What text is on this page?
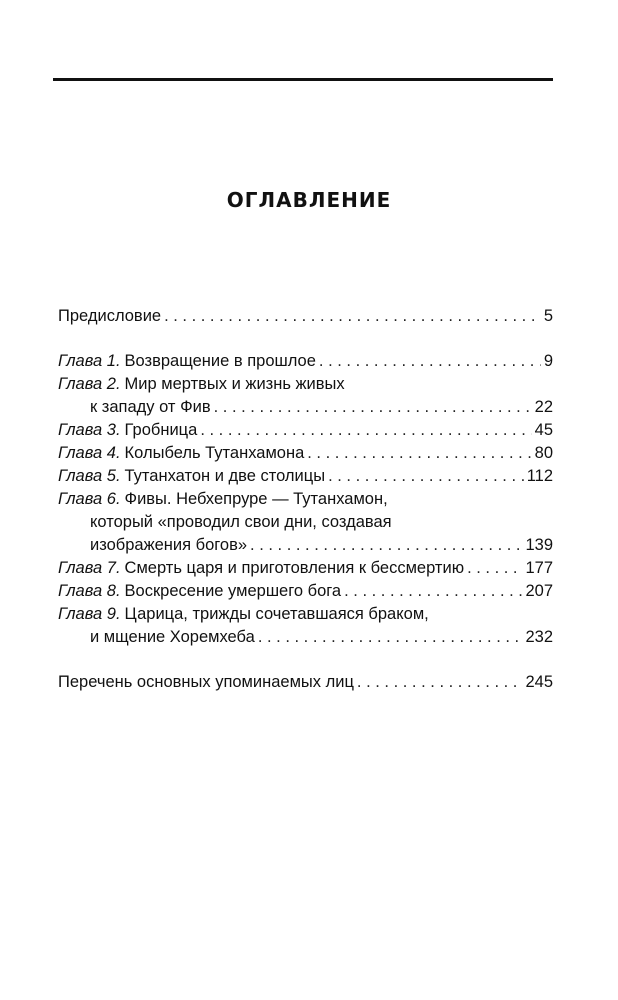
ОГЛАВЛЕНИЕ
Предисловие . . .	5
Глава 1. Возвращение в прошлое . . .	9
Глава 2. Мир мертвых и жизнь живых
к западу от Фив . . .	22
Глава 3. Гробница . . .	45
Глава 4. Колыбель Тутанхамона . . .	80
Глава 5. Тутанхатон и две столицы . . .	112
Глава 6. Фивы. Небхепруре — Тутанхамон,
который «проводил свои дни, создавая
изображения богов» . . .	139
Глава 7. Смерть царя и приготовления к бессмертию . . .	177
Глава 8. Воскресение умершего бога . . .	207
Глава 9. Царица, трижды сочетавшаяся браком,
и мщение Хоремхеба . . .	232
Перечень основных упоминаемых лиц . . .	245
